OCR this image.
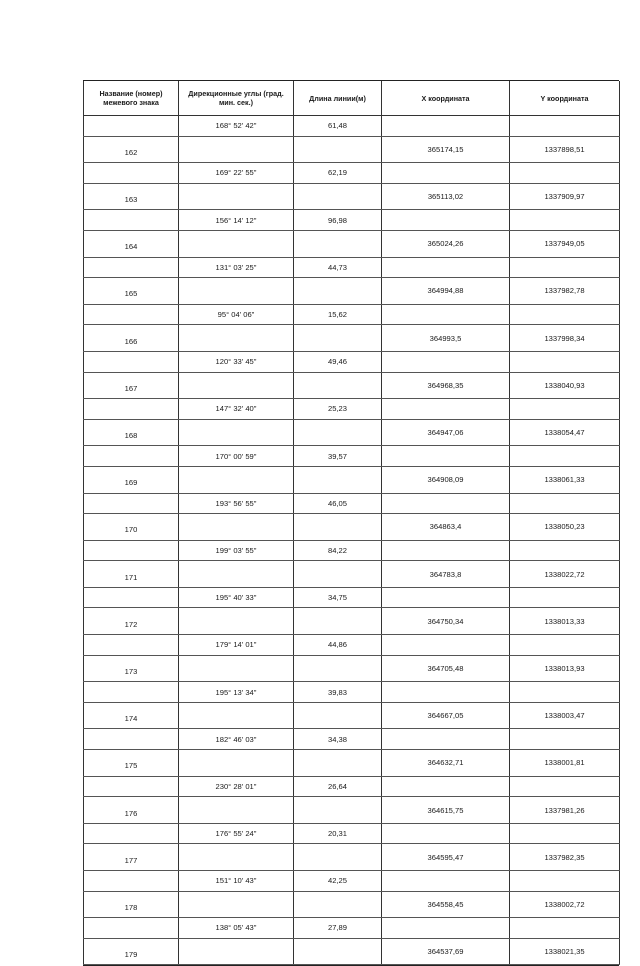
Название (номер) межевого знака	Дирекционные углы (град. мин. сек.)	Длина линии(м)	X координата	Y координата
	168° 52' 42"	61,48		
162			365174,15	1337898,51
	169° 22' 55"	62,19		
163			365113,02	1337909,97
	156° 14' 12"	96,98		
164			365024,26	1337949,05
	131° 03' 25"	44,73		
165			364994,88	1337982,78
	95° 04' 06"	15,62		
166			364993,5	1337998,34
	120° 33' 45"	49,46		
167			364968,35	1338040,93
	147° 32' 40"	25,23		
168			364947,06	1338054,47
	170° 00' 59"	39,57		
169			364908,09	1338061,33
	193° 56' 55"	46,05		
170			364863,4	1338050,23
	199° 03' 55"	84,22		
171			364783,8	1338022,72
	195° 40' 33"	34,75		
172			364750,34	1338013,33
	179° 14' 01"	44,86		
173			364705,48	1338013,93
	195° 13' 34"	39,83		
174			364667,05	1338003,47
	182° 46' 03"	34,38		
175			364632,71	1338001,81
	230° 28' 01"	26,64		
176			364615,75	1337981,26
	176° 55' 24"	20,31		
177			364595,47	1337982,35
	151° 10' 43"	42,25		
178			364558,45	1338002,72
	138° 05' 43"	27,89		
179			364537,69	1338021,35
